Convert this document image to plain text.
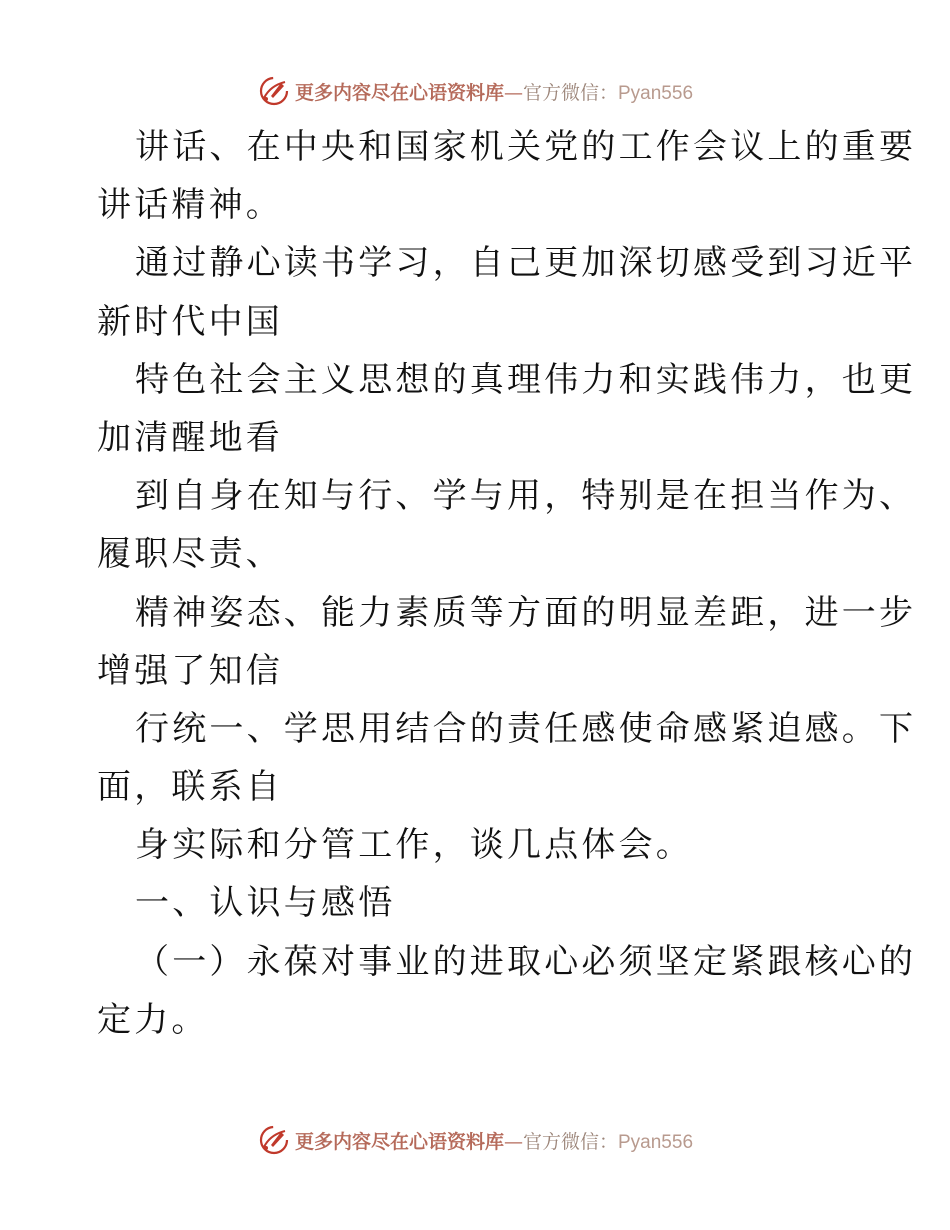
更多内容尽在心语资料库—官方微信：Pyan556
讲话、在中央和国家机关党的工作会议上的重要
讲话精神。
通过静心读书学习，自己更加深切感受到习近平
新时代中国
特色社会主义思想的真理伟力和实践伟力，也更
加清醒地看
到自身在知与行、学与用，特别是在担当作为、
履职尽责、
精神姿态、能力素质等方面的明显差距，进一步
增强了知信
行统一、学思用结合的责任感使命感紧迫感。下
面，联系自
身实际和分管工作，谈几点体会。
一、认识与感悟
（一）永葆对事业的进取心必须坚定紧跟核心的
定力。
更多内容尽在心语资料库—官方微信：Pyan556
